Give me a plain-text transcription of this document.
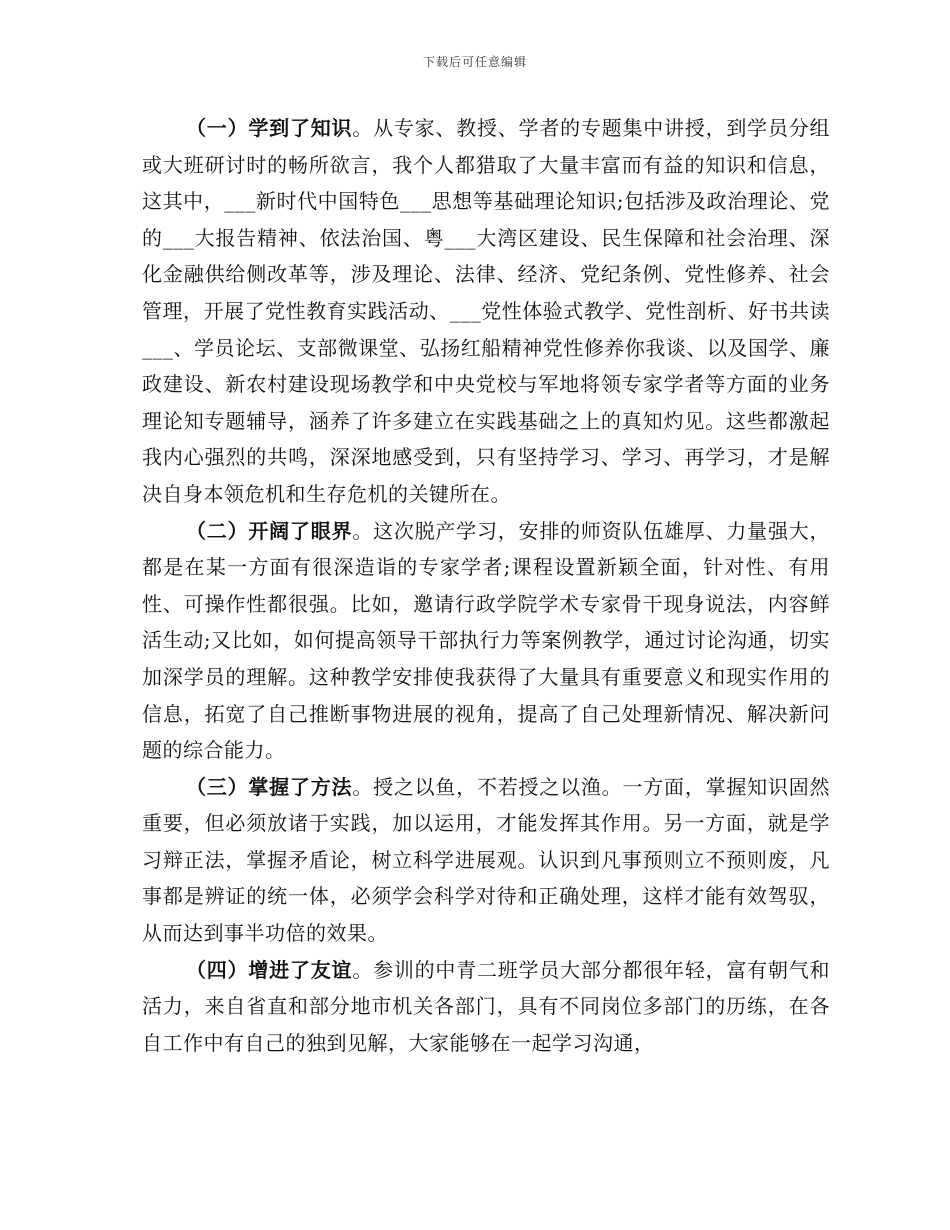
下载后可任意编辑

（一）学到了知识。从专家、教授、学者的专题集中讲授，到学员分组或大班研讨时的畅所欲言，我个人都猎取了大量丰富而有益的知识和信息，这其中，___新时代中国特色___思想等基础理论知识;包括涉及政治理论、党的___大报告精神、依法治国、粤___大湾区建设、民生保障和社会治理、深化金融供给侧改革等，涉及理论、法律、经济、党纪条例、党性修养、社会管理，开展了党性教育实践活动、___党性体验式教学、党性剖析、好书共读___、学员论坛、支部微课堂、弘扬红船精神党性修养你我谈、以及国学、廉政建设、新农村建设现场教学和中央党校与军地将领专家学者等方面的业务理论知专题辅导，涵养了许多建立在实践基础之上的真知灼见。这些都激起我内心强烈的共鸣，深深地感受到，只有坚持学习、学习、再学习，才是解决自身本领危机和生存危机的关键所在。

（二）开阔了眼界。这次脱产学习，安排的师资队伍雄厚、力量强大，都是在某一方面有很深造诣的专家学者;课程设置新颖全面，针对性、有用性、可操作性都很强。比如，邀请行政学院学术专家骨干现身说法，内容鲜活生动;又比如，如何提高领导干部执行力等案例教学，通过讨论沟通，切实加深学员的理解。这种教学安排使我获得了大量具有重要意义和现实作用的信息，拓宽了自己推断事物进展的视角，提高了自己处理新情况、解决新问题的综合能力。

（三）掌握了方法。授之以鱼，不若授之以渔。一方面，掌握知识固然重要，但必须放诸于实践，加以运用，才能发挥其作用。另一方面，就是学习辩正法，掌握矛盾论，树立科学进展观。认识到凡事预则立不预则废，凡事都是辨证的统一体，必须学会科学对待和正确处理，这样才能有效驾驭，从而达到事半功倍的效果。

（四）增进了友谊。参训的中青二班学员大部分都很年轻，富有朝气和活力，来自省直和部分地市机关各部门，具有不同岗位多部门的历练，在各自工作中有自己的独到见解，大家能够在一起学习沟通，
